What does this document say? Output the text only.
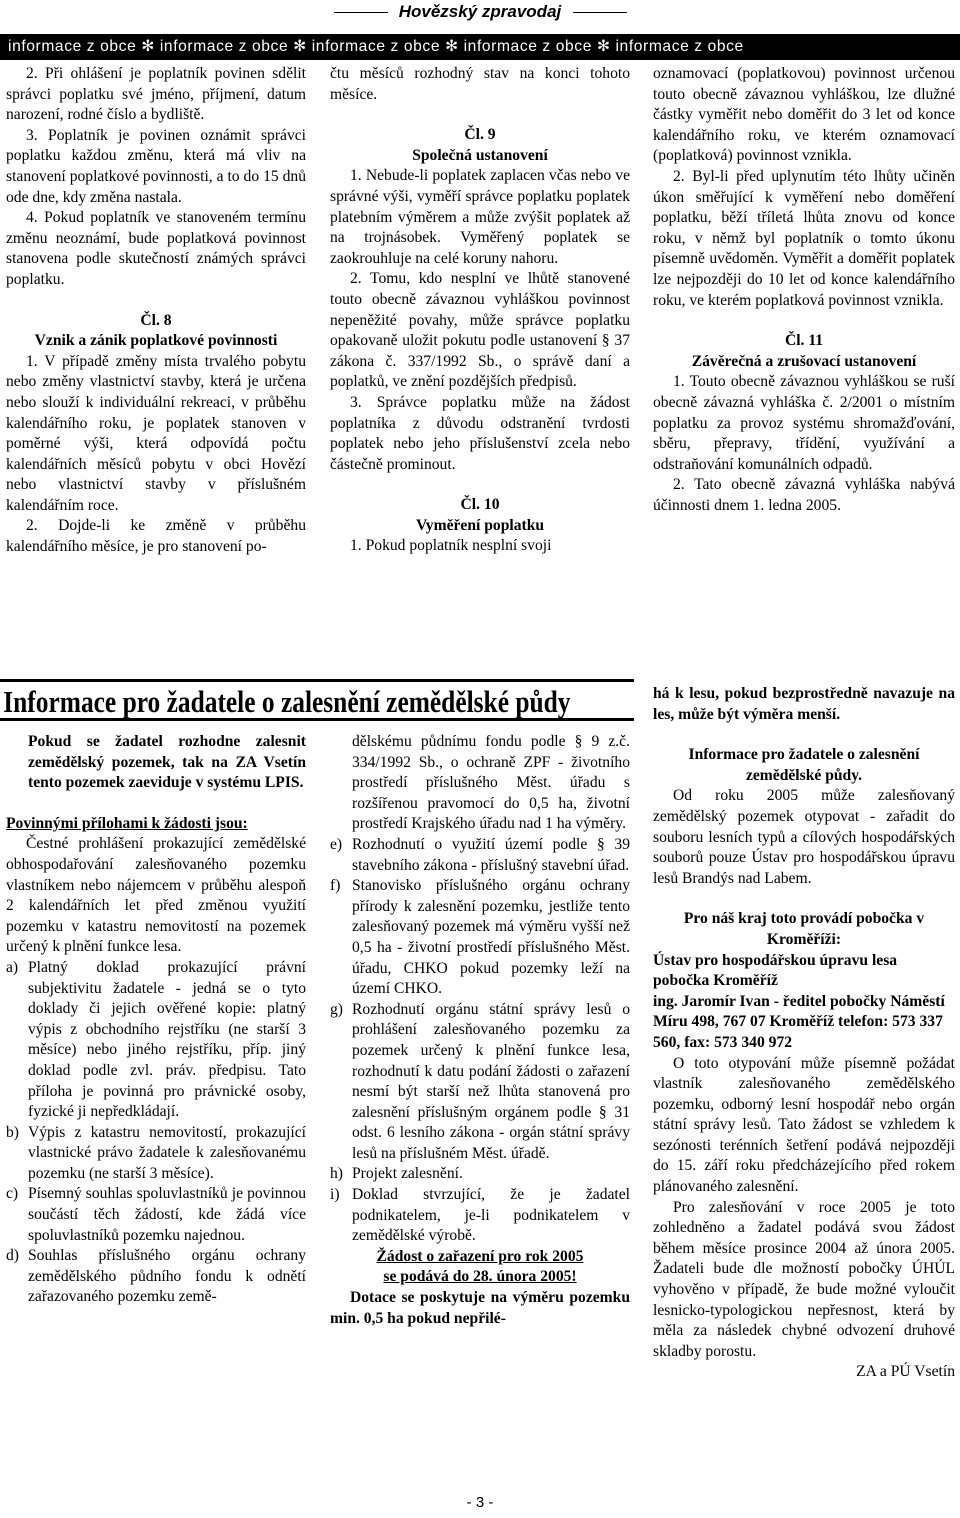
Hovězský zpravodaj
informace z obce ✻ informace z obce ✻ informace z obce ✻ informace z obce ✻ informace z obce

2. Při ohlášení je poplatník povinen sdělit správci poplatku své jméno, příjmení, datum narození, rodné číslo a bydliště.

3. Poplatník je povinen oznámit správci poplatku každou změnu, která má vliv na stanovení poplatkové povinnosti, a to do 15 dnů ode dne, kdy změna nastala.

4. Pokud poplatník ve stanoveném termínu změnu neoznámí, bude poplatková povinnost stanovena podle skutečností známých správci poplatku.

Čl. 8

Vznik a zánik poplatkové povinnosti

1. V případě změny místa trvalého pobytu nebo změny vlastnictví stavby, která je určena nebo slouží k individuální rekreaci, v průběhu kalendářního roku, je poplatek stanoven v poměrné výši, která odpovídá počtu kalendářních měsíců pobytu v obci Hovězí nebo vlastnictví stavby v příslušném kalendářním roce.

2. Dojde-li ke změně v průběhu kalendářního měsíce, je pro stanovení po-

čtu měsíců rozhodný stav na konci tohoto měsíce.

Čl. 9

Společná ustanovení

1. Nebude-li poplatek zaplacen včas nebo ve správné výši, vyměří správce poplatku poplatek platebním výměrem a může zvýšit poplatek až na trojnásobek. Vyměřený poplatek se zaokrouhluje na celé koruny nahoru.

2. Tomu, kdo nesplní ve lhůtě stanovené touto obecně závaznou vyhláškou povinnost nepeněžité povahy, může správce poplatku opakovaně uložit pokutu podle ustanovení § 37 zákona č. 337/1992 Sb., o správě daní a poplatků, ve znění pozdějších předpisů.

3. Správce poplatku může na žádost poplatníka z důvodu odstranění tvrdosti poplatek nebo jeho příslušenství zcela nebo částečně prominout.

Čl. 10

Vyměření poplatku

1. Pokud poplatník nesplní svoji

oznamovací (poplatkovou) povinnost určenou touto obecně závaznou vyhláškou, lze dlužné částky vyměřit nebo doměřit do 3 let od konce kalendářního roku, ve kterém oznamovací (poplatková) povinnost vznikla.

2. Byl-li před uplynutím této lhůty učiněn úkon směřující k vyměření nebo doměření poplatku, běží tříletá lhůta znovu od konce roku, v němž byl poplatník o tomto úkonu písemně uvědoměn. Vyměřit a doměřit poplatek lze nejpozději do 10 let od konce kalendářního roku, ve kterém poplatková povinnost vznikla.

Čl. 11

Závěrečná a zrušovací ustanovení

1. Touto obecně závaznou vyhláškou se ruší obecně závazná vyhláška č. 2/2001 o místním poplatku za provoz systému shromažďování, sběru, přepravy, třídění, využívání a odstraňování komunálních odpadů.

2. Tato obecně závazná vyhláška nabývá účinnosti dnem 1. ledna 2005.

Informace pro žadatele o zalesnění zemědělské půdy

Pokud se žadatel rozhodne zalesnit zemědělský pozemek, tak na ZA Vsetín tento pozemek zaeviduje v systému LPIS.

Povinnými přílohami k žádosti jsou:

Čestné prohlášení prokazující zemědělské obhospodařování zalesňovaného pozemku vlastníkem nebo nájemcem v průběhu alespoň 2 kalendářních let před změnou využití pozemku v katastru nemovitostí na pozemek určený k plnění funkce lesa.

a) Platný doklad prokazující právní subjektivitu žadatele - jedná se o tyto doklady či jejich ověřené kopie: platný výpis z obchodního rejstříku (ne starší 3 měsíce) nebo jiného rejstříku, příp. jiný doklad podle zvl. práv. předpisu. Tato příloha je povinná pro právnické osoby, fyzické ji nepředkládají.
b) Výpis z katastru nemovitostí, prokazující vlastnické právo žadatele k zalesňovanému pozemku (ne starší 3 měsíce).
c) Písemný souhlas spoluvlastníků je povinnou součástí těch žádostí, kde žádá více spoluvlastníků pozemku najednou.
d) Souhlas příslušného orgánu ochrany zemědělského půdního fondu k odnětí zařazovaného pozemku země-

dělskému půdnímu fondu podle § 9 z.č. 334/1992 Sb., o ochraně ZPF - životního prostředí příslušného Měst. úřadu s rozšířenou pravomocí do 0,5 ha, životní prostředí Krajského úřadu nad 1 ha výměry.

e) Rozhodnutí o využití území podle § 39 stavebního zákona - příslušný stavební úřad.
f) Stanovisko příslušného orgánu ochrany přírody k zalesnění pozemku, jestliže tento zalesňovaný pozemek má výměru vyšší než 0,5 ha - životní prostředí příslušného Měst. úřadu, CHKO pokud pozemky leží na území CHKO.
g) Rozhodnutí orgánu státní správy lesů o prohlášení zalesňovaného pozemku za pozemek určený k plnění funkce lesa, rozhodnutí k datu podání žádosti o zařazení nesmí být starší než lhůta stanovená pro zalesnění příslušným orgánem podle § 31 odst. 6 lesního zákona - orgán státní správy lesů na příslušném Měst. úřadě.
h) Projekt zalesnění.
i) Doklad stvrzující, že je žadatel podnikatelem, je-li podnikatelem v zemědělské výrobě.

Žádost o zařazení pro rok 2005

se podává do 28. února 2005!

Dotace se poskytuje na výměru pozemku min. 0,5 ha pokud nepřilé-

há k lesu, pokud bezprostředně navazuje na les, může být výměra menší.

Informace pro žadatele o zalesnění zemědělské půdy.

Od roku 2005 může zalesňovaný zemědělský pozemek otypovat - zařadit do souboru lesních typů a cílových hospodářských souborů pouze Ústav pro hospodářskou úpravu lesů Brandýs nad Labem.

Pro náš kraj toto provádí pobočka v Kroměříži:

Ústav pro hospodářskou úpravu lesa pobočka Kroměříž

ing. Jaromír Ivan - ředitel pobočky Náměstí Míru 498, 767 07 Kroměříž telefon: 573 337 560, fax: 573 340 972

O toto otypování může písemně požádat vlastník zalesňovaného zemědělského pozemku, odborný lesní hospodář nebo orgán státní správy lesů. Tato žádost se vzhledem k sezónosti terénních šetření podává nejpozději do 15. září roku předcházejícího před rokem plánovaného zalesnění.

Pro zalesňování v roce 2005 je toto zohledněno a žadatel podává svou žádost během měsíce prosince 2004 až února 2005. Žadateli bude dle možností pobočky ÚHÚL vyhověno v případě, že bude možné vyloučit lesnicko-typologickou nepřesnost, která by měla za následek chybné odvození druhové skladby porostu.

ZA a PÚ Vsetín

- 3 -
